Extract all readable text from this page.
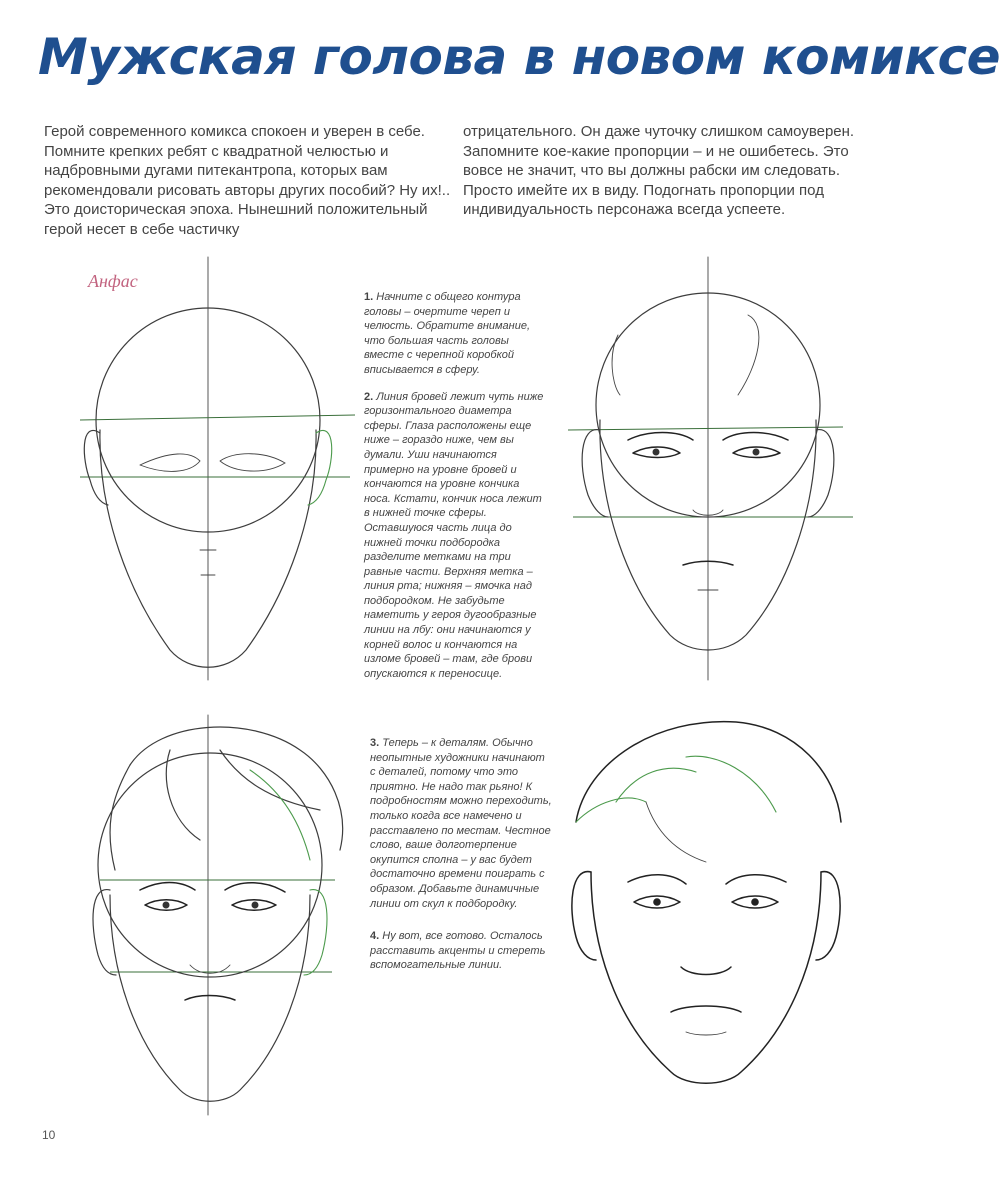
Мужская голова в новом комиксе

Герой современного комикса спокоен и уверен в себе. Помните крепких ребят с квадратной челюстью и надбровными дугами питекантропа, которых вам рекомендовали рисовать авторы других пособий? Ну их!.. Это доисторическая эпоха. Нынешний положительный герой несет в себе частичку

отрицательного. Он даже чуточку слишком самоуверен. Запомните кое-какие пропорции – и не ошибетесь. Это вовсе не значит, что вы должны рабски им следовать. Просто имейте их в виду. Подогнать пропорции под индивидуальность персонажа всегда успеете.

Анфас

1. Начните с общего контура головы – очертите череп и челюсть. Обратите внимание, что большая часть головы вместе с черепной коробкой вписывается в сферу.

2. Линия бровей лежит чуть ниже горизонтального диаметра сферы. Глаза расположены еще ниже – гораздо ниже, чем вы думали. Уши начинаются примерно на уровне бровей и кончаются на уровне кончика носа. Кстати, кончик носа лежит в нижней точке сферы. Оставшуюся часть лица до нижней точки подбородка разделите метками на три равные части. Верхняя метка – линия рта; нижняя – ямочка над подбородком. Не забудьте наметить у героя дугообразные линии на лбу: они начинаются у корней волос и кончаются на изломе бровей – там, где брови опускаются к переносице.

3. Теперь – к деталям. Обычно неопытные художники начинают с деталей, потому что это приятно. Не надо так рьяно! К подробностям можно переходить, только когда все намечено и расставлено по местам. Честное слово, ваше долготерпение окупится сполна – у вас будет достаточно времени поиграть с образом. Добавьте динамичные линии от скул к подбородку.

4. Ну вот, все готово. Осталось расставить акценты и стереть вспомогательные линии.

10
